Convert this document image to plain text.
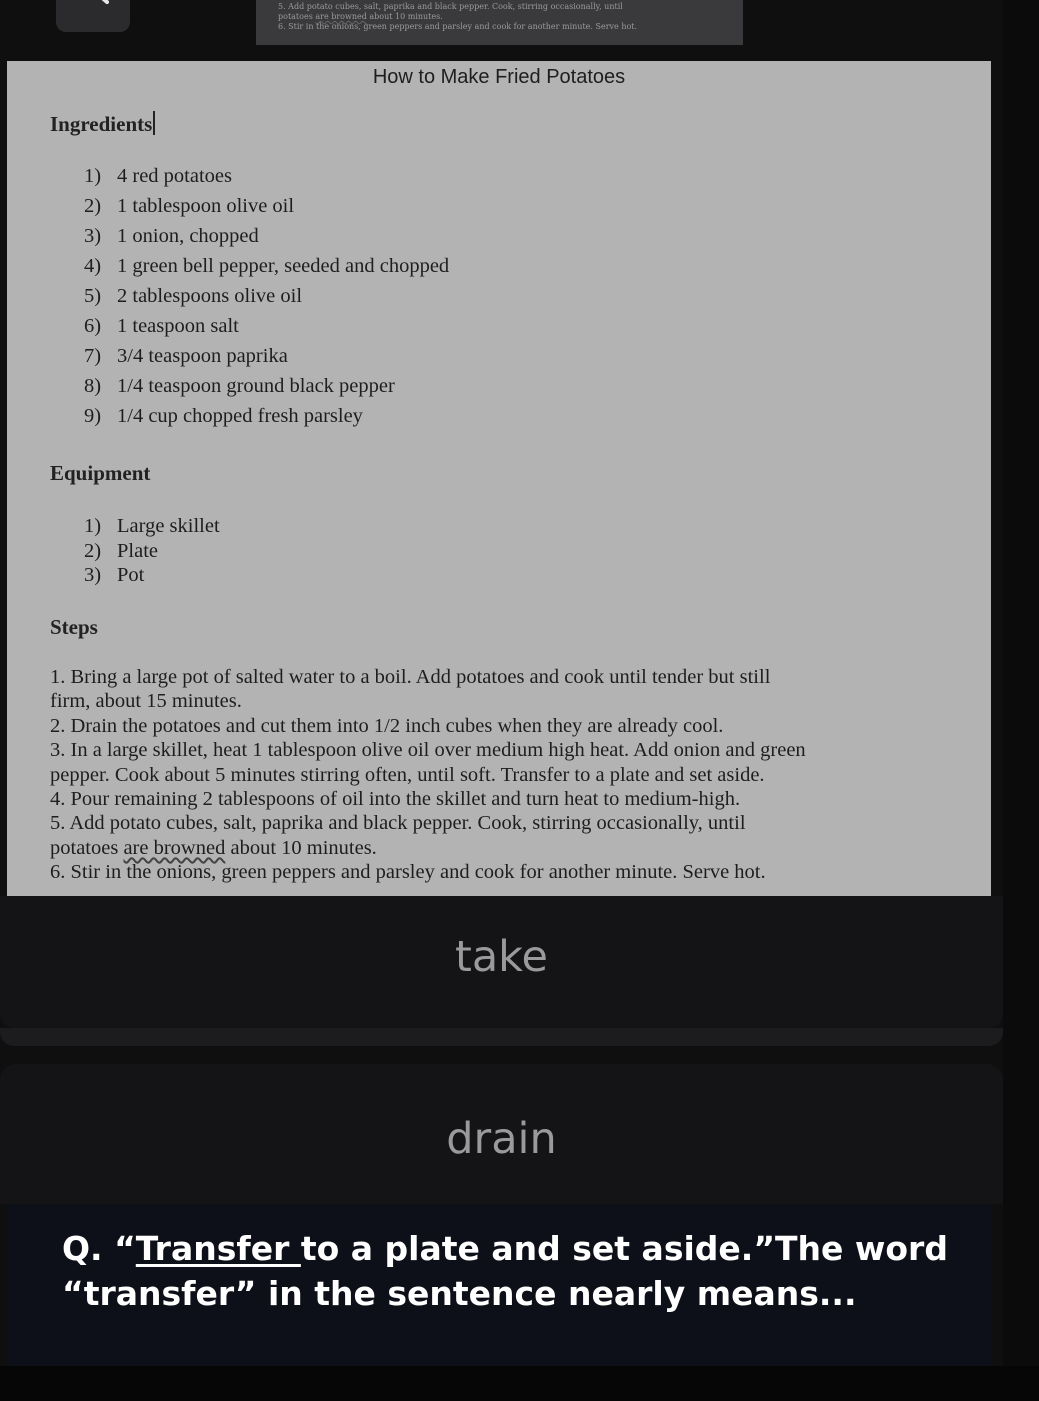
5. Add potato cubes, salt, paprika and black pepper. Cook, stirring occasionally, until
potatoes are browned about 10 minutes.
6. Stir in the onions, green peppers and parsley and cook for another minute. Serve hot.
How to Make Fried Potatoes
Ingredients
1) 4 red potatoes
2) 1 tablespoon olive oil
3) 1 onion, chopped
4) 1 green bell pepper, seeded and chopped
5) 2 tablespoons olive oil
6) 1 teaspoon salt
7) 3/4 teaspoon paprika
8) 1/4 teaspoon ground black pepper
9) 1/4 cup chopped fresh parsley
Equipment
1) Large skillet
2) Plate
3) Pot
Steps
1. Bring a large pot of salted water to a boil. Add potatoes and cook until tender but still
firm, about 15 minutes.
2. Drain the potatoes and cut them into 1/2 inch cubes when they are already cool.
3. In a large skillet, heat 1 tablespoon olive oil over medium high heat. Add onion and green
pepper. Cook about 5 minutes stirring often, until soft. Transfer to a plate and set aside.
4. Pour remaining 2 tablespoons of oil into the skillet and turn heat to medium-high.
5. Add potato cubes, salt, paprika and black pepper. Cook, stirring occasionally, until
potatoes are browned about 10 minutes.
6. Stir in the onions, green peppers and parsley and cook for another minute. Serve hot.
take
drain
Q. “Transfer to a plate and set aside.”The word “transfer” in the sentence nearly means...
